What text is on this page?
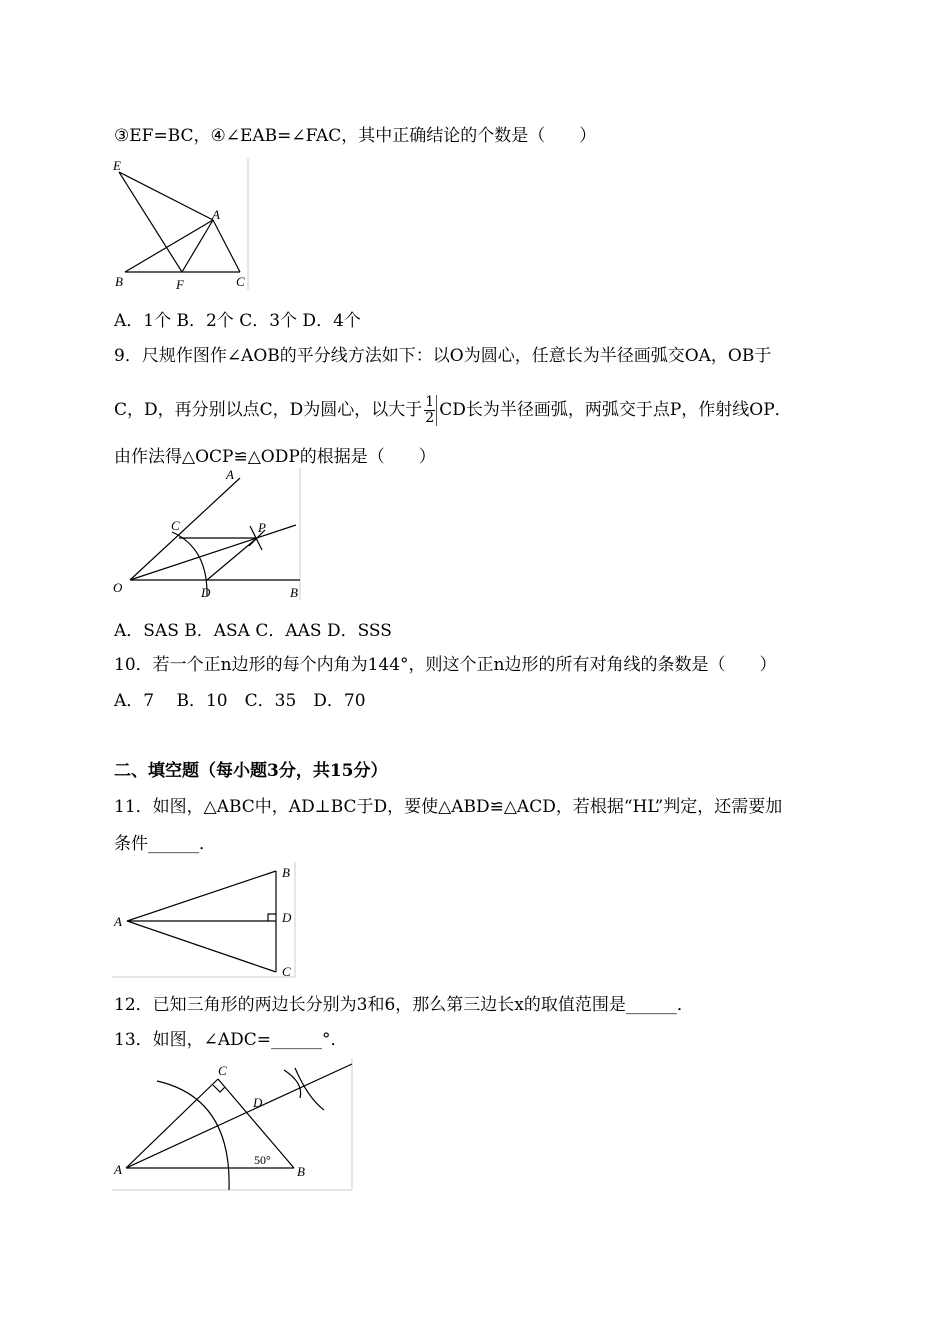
③EF=BC，④∠EAB=∠FAC，其中正确结论的个数是（　　）

E
A
B	F	C

A．1个 B．2个 C．3个 D．4个

9．尺规作图作∠AOB的平分线方法如下：以O为圆心，任意长为半径画弧交OA，OB于

C，D，再分别以点C，D为圆心，以大于 $\frac{1}{2}$ CD长为半径画弧，两弧交于点P，作射线OP．

由作法得△OCP≌△ODP的根据是（　　）

A
C	P
O	D	B

A．SAS B．ASA C．AAS D．SSS

10．若一个正n边形的每个内角为144°，则这个正n边形的所有对角线的条数是（　　）

A．7　 B．10　C．35　D．70

二、填空题（每小题3分，共15分）

11．如图，△ABC中，AD⊥BC于D，要使△ABD≌△ACD，若根据“HL”判定，还需要加

条件______．

B
A	D
C

12．已知三角形的两边长分别为3和6，那么第三边长x的取值范围是______．

13．如图，∠ADC=______°．

C
D
A	B
50°
